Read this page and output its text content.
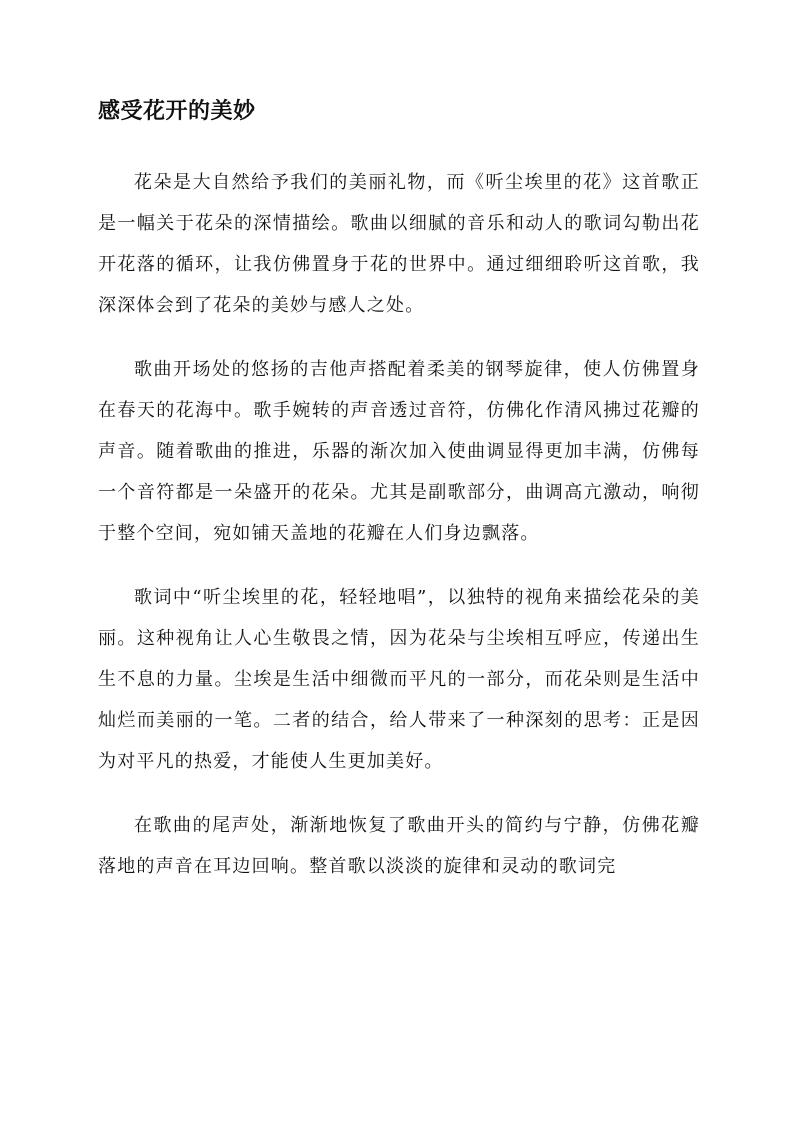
感受花开的美妙

花朵是大自然给予我们的美丽礼物，而《听尘埃里的花》这首歌正是一幅关于花朵的深情描绘。歌曲以细腻的音乐和动人的歌词勾勒出花开花落的循环，让我仿佛置身于花的世界中。通过细细聆听这首歌，我深深体会到了花朵的美妙与感人之处。

歌曲开场处的悠扬的吉他声搭配着柔美的钢琴旋律，使人仿佛置身在春天的花海中。歌手婉转的声音透过音符，仿佛化作清风拂过花瓣的声音。随着歌曲的推进，乐器的渐次加入使曲调显得更加丰满，仿佛每一个音符都是一朵盛开的花朵。尤其是副歌部分，曲调高亢激动，响彻于整个空间，宛如铺天盖地的花瓣在人们身边飘落。

歌词中“听尘埃里的花，轻轻地唱”，以独特的视角来描绘花朵的美丽。这种视角让人心生敬畏之情，因为花朵与尘埃相互呼应，传递出生生不息的力量。尘埃是生活中细微而平凡的一部分，而花朵则是生活中灿烂而美丽的一笔。二者的结合，给人带来了一种深刻的思考：正是因为对平凡的热爱，才能使人生更加美好。

在歌曲的尾声处，渐渐地恢复了歌曲开头的简约与宁静，仿佛花瓣落地的声音在耳边回响。整首歌以淡淡的旋律和灵动的歌词完
